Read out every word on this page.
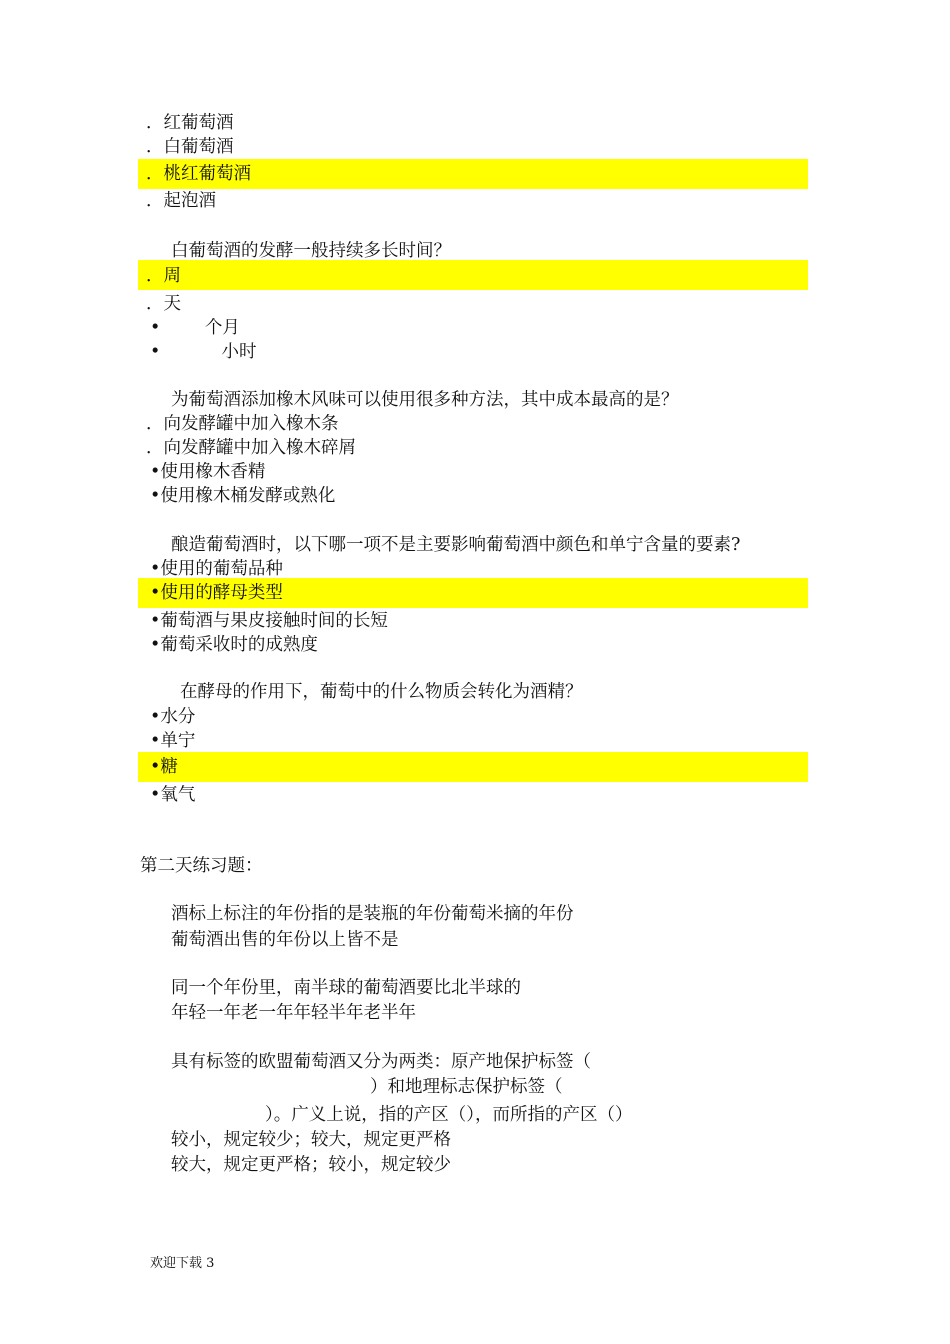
．红葡萄酒
．白葡萄酒
．桃红葡萄酒
．起泡酒
白葡萄酒的发酵一般持续多长时间？
．周
．天
•        个月
•           小时
为葡萄酒添加橡木风味可以使用很多种方法，其中成本最高的是？
．向发酵罐中加入橡木条
．向发酵罐中加入橡木碎屑
•使用橡木香精
•使用橡木桶发酵或熟化
酿造葡萄酒时，以下哪一项不是主要影响葡萄酒中颜色和单宁含量的要素?
•使用的葡萄品种
•使用的酵母类型
•葡萄酒与果皮接触时间的长短
•葡萄采收时的成熟度
在酵母的作用下，葡萄中的什么物质会转化为酒精？
•水分
•单宁
•糖
•氧气
第二天练习题：
酒标上标注的年份指的是装瓶的年份葡萄米摘的年份
葡萄酒出售的年份以上皆不是
同一个年份里，南半球的葡萄酒要比北半球的
年轻一年老一年年轻半年老半年
具有标签的欧盟葡萄酒又分为两类：原产地保护标签（
）和地理标志保护标签（
）。广义上说，指的产区（），而所指的产区（）
较小，规定较少；较大，规定更严格
较大，规定更严格；较小，规定较少
欢迎下载 3
